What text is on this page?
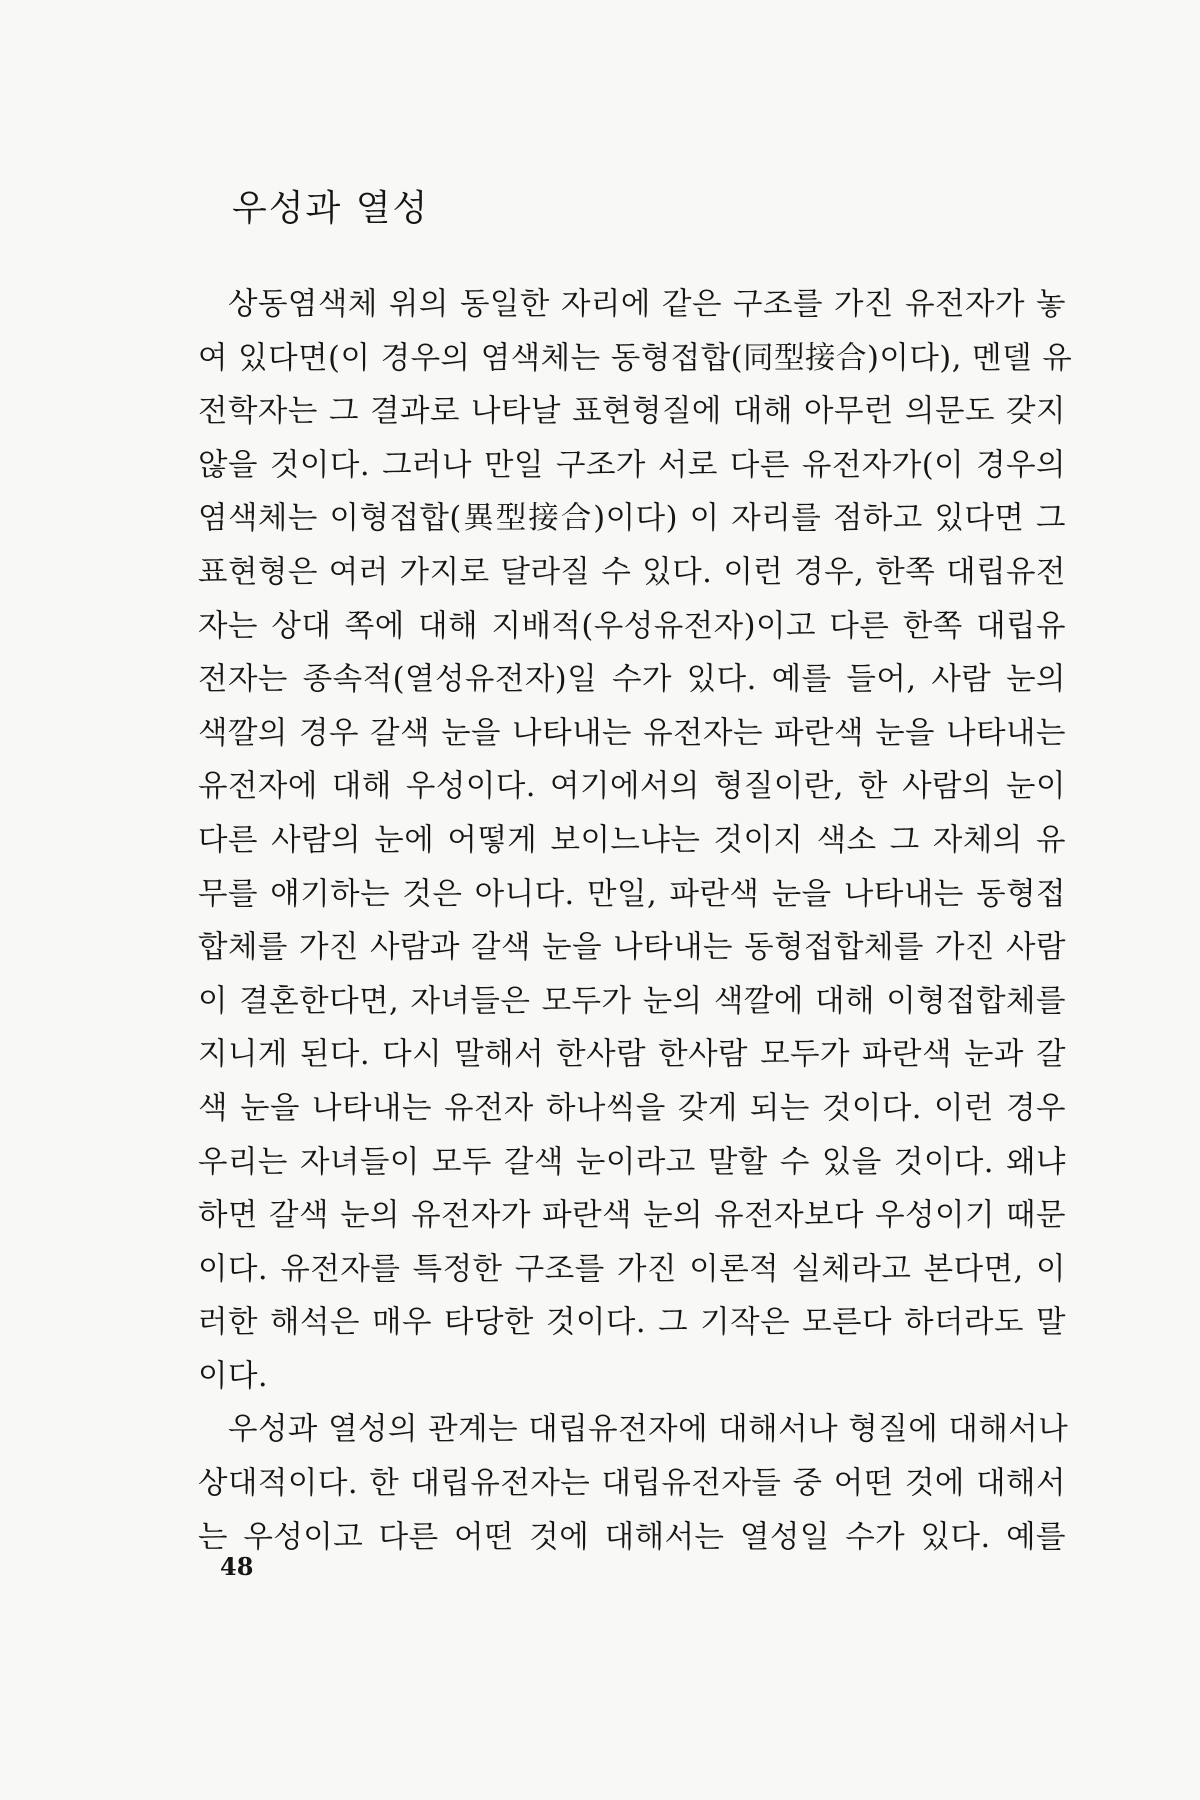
우성과 열성
상동염색체 위의 동일한 자리에 같은 구조를 가진 유전자가 놓
여 있다면(이 경우의 염색체는 동형접합(同型接合)이다), 멘델 유
전학자는 그 결과로 나타날 표현형질에 대해 아무런 의문도 갖지
않을 것이다. 그러나 만일 구조가 서로 다른 유전자가(이 경우의
염색체는 이형접합(異型接合)이다) 이 자리를 점하고 있다면 그
표현형은 여러 가지로 달라질 수 있다. 이런 경우, 한쪽 대립유전
자는 상대 쪽에 대해 지배적(우성유전자)이고 다른 한쪽 대립유
전자는 종속적(열성유전자)일 수가 있다. 예를 들어, 사람 눈의
색깔의 경우 갈색 눈을 나타내는 유전자는 파란색 눈을 나타내는
유전자에 대해 우성이다. 여기에서의 형질이란, 한 사람의 눈이
다른 사람의 눈에 어떻게 보이느냐는 것이지 색소 그 자체의 유
무를 얘기하는 것은 아니다. 만일, 파란색 눈을 나타내는 동형접
합체를 가진 사람과 갈색 눈을 나타내는 동형접합체를 가진 사람
이 결혼한다면, 자녀들은 모두가 눈의 색깔에 대해 이형접합체를
지니게 된다. 다시 말해서 한사람 한사람 모두가 파란색 눈과 갈
색 눈을 나타내는 유전자 하나씩을 갖게 되는 것이다. 이런 경우
우리는 자녀들이 모두 갈색 눈이라고 말할 수 있을 것이다. 왜냐
하면 갈색 눈의 유전자가 파란색 눈의 유전자보다 우성이기 때문
이다. 유전자를 특정한 구조를 가진 이론적 실체라고 본다면, 이
러한 해석은 매우 타당한 것이다. 그 기작은 모른다 하더라도 말
이다.
우성과 열성의 관계는 대립유전자에 대해서나 형질에 대해서나
상대적이다. 한 대립유전자는 대립유전자들 중 어떤 것에 대해서
는 우성이고 다른 어떤 것에 대해서는 열성일 수가 있다. 예를
48
